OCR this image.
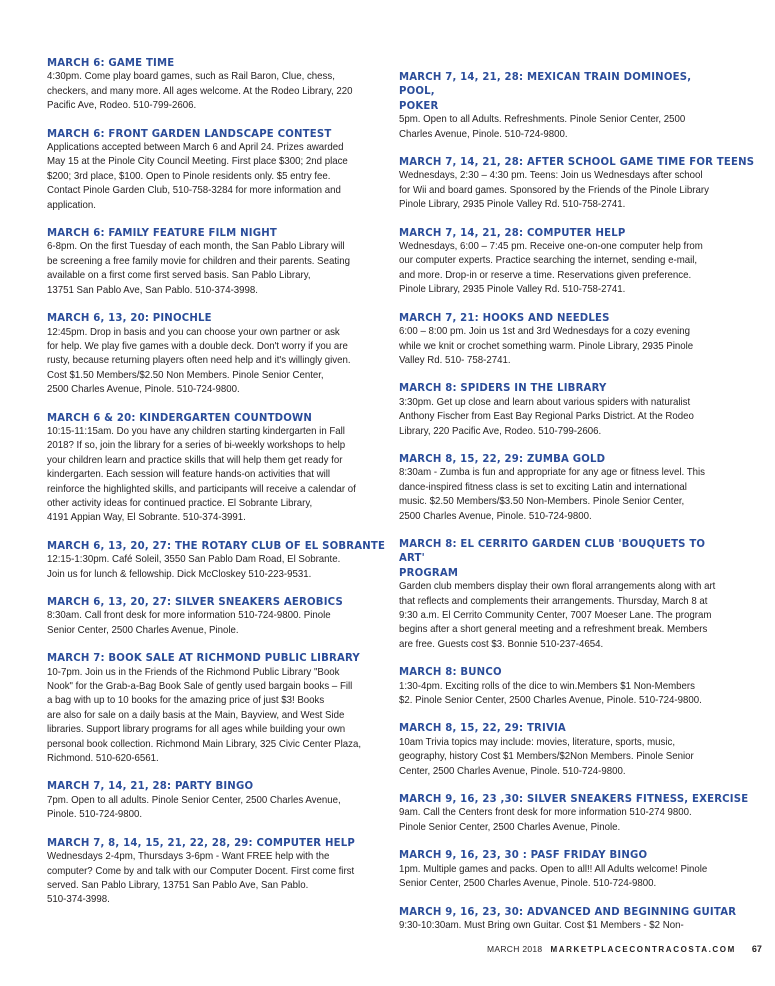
MARCH 6: GAME TIME
4:30pm. Come play board games, such as Rail Baron, Clue, chess,
checkers, and many more. All ages welcome. At the Rodeo Library, 220
Pacific Ave, Rodeo. 510-799-2606.
MARCH 6: FRONT GARDEN LANDSCAPE CONTEST
Applications accepted between March 6 and April 24. Prizes awarded
May 15 at the Pinole City Council Meeting. First place $300; 2nd place
$200; 3rd place, $100. Open to Pinole residents only. $5 entry fee.
Contact Pinole Garden Club, 510-758-3284 for more information and
application.
MARCH 6: FAMILY FEATURE FILM NIGHT
6-8pm. On the first Tuesday of each month, the San Pablo Library will
be screening a free family movie for children and their parents. Seating
available on a first come first served basis. San Pablo Library,
13751 San Pablo Ave, San Pablo. 510-374-3998.
MARCH 6, 13, 20: PINOCHLE
12:45pm. Drop in basis and you can choose your own partner or ask
for help. We play five games with a double deck. Don't worry if you are
rusty, because returning players often need help and it's willingly given.
Cost $1.50 Members/$2.50 Non Members. Pinole Senior Center,
2500 Charles Avenue, Pinole. 510-724-9800.
MARCH 6 & 20: KINDERGARTEN COUNTDOWN
10:15-11:15am. Do you have any children starting kindergarten in Fall
2018? If so, join the library for a series of bi-weekly workshops to help
your children learn and practice skills that will help them get ready for
kindergarten. Each session will feature hands-on activities that will
reinforce the highlighted skills, and participants will receive a calendar of
other activity ideas for continued practice. El Sobrante Library,
4191 Appian Way, El Sobrante. 510-374-3991.
MARCH 6, 13, 20, 27: THE ROTARY CLUB OF EL SOBRANTE
12:15-1:30pm. Café Soleil, 3550 San Pablo Dam Road, El Sobrante.
Join us for lunch & fellowship. Dick McCloskey 510-223-9531.
MARCH 6, 13, 20, 27: SILVER SNEAKERS AEROBICS
8:30am. Call front desk for more information 510-724-9800. Pinole
Senior Center, 2500 Charles Avenue, Pinole.
MARCH 7: BOOK SALE AT RICHMOND PUBLIC LIBRARY
10-7pm. Join us in the Friends of the Richmond Public Library "Book
Nook" for the Grab-a-Bag Book Sale of gently used bargain books – Fill
a bag with up to 10 books for the amazing price of just $3! Books
are also for sale on a daily basis at the Main, Bayview, and West Side
libraries. Support library programs for all ages while building your own
personal book collection. Richmond Main Library, 325 Civic Center Plaza,
Richmond. 510-620-6561.
MARCH 7, 14, 21, 28: PARTY BINGO
7pm. Open to all adults. Pinole Senior Center, 2500 Charles Avenue,
Pinole. 510-724-9800.
MARCH 7, 8, 14, 15, 21, 22, 28, 29: COMPUTER HELP
Wednesdays 2-4pm, Thursdays 3-6pm - Want FREE help with the
computer? Come by and talk with our Computer Docent. First come first
served. San Pablo Library, 13751 San Pablo Ave, San Pablo.
510-374-3998.
MARCH 7, 14, 21, 28: MEXICAN TRAIN DOMINOES, POOL,
POKER
5pm. Open to all Adults. Refreshments. Pinole Senior Center, 2500
Charles Avenue, Pinole. 510-724-9800.
MARCH 7, 14, 21, 28: AFTER SCHOOL GAME TIME FOR TEENS
Wednesdays, 2:30 – 4:30 pm. Teens: Join us Wednesdays after school
for Wii and board games. Sponsored by the Friends of the Pinole Library
Pinole Library, 2935 Pinole Valley Rd. 510-758-2741.
MARCH 7, 14, 21, 28: COMPUTER HELP
Wednesdays, 6:00 – 7:45 pm. Receive one-on-one computer help from
our computer experts. Practice searching the internet, sending e-mail,
and more. Drop-in or reserve a time. Reservations given preference.
Pinole Library, 2935 Pinole Valley Rd. 510-758-2741.
MARCH 7, 21: HOOKS AND NEEDLES
6:00 – 8:00 pm. Join us 1st and 3rd Wednesdays for a cozy evening
while we knit or crochet something warm. Pinole Library, 2935 Pinole
Valley Rd. 510- 758-2741.
MARCH 8: SPIDERS IN THE LIBRARY
3:30pm. Get up close and learn about various spiders with naturalist
Anthony Fischer from East Bay Regional Parks District. At the Rodeo
Library, 220 Pacific Ave, Rodeo. 510-799-2606.
MARCH 8, 15, 22, 29: ZUMBA GOLD
8:30am - Zumba is fun and appropriate for any age or fitness level. This
dance-inspired fitness class is set to exciting Latin and international
music. $2.50 Members/$3.50 Non-Members. Pinole Senior Center,
2500 Charles Avenue, Pinole. 510-724-9800.
MARCH 8: EL CERRITO GARDEN CLUB 'BOUQUETS TO ART'
PROGRAM
Garden club members display their own floral arrangements along with art
that reflects and complements their arrangements. Thursday, March 8 at
9:30 a.m. El Cerrito Community Center, 7007 Moeser Lane. The program
begins after a short general meeting and a refreshment break. Members
are free. Guests cost $3. Bonnie 510-237-4654.
MARCH 8: BUNCO
1:30-4pm. Exciting rolls of the dice to win.Members $1 Non-Members
$2. Pinole Senior Center, 2500 Charles Avenue, Pinole. 510-724-9800.
MARCH 8, 15, 22, 29: TRIVIA
10am Trivia topics may include: movies, literature, sports, music,
geography, history Cost $1 Members/$2Non Members. Pinole Senior
Center, 2500 Charles Avenue, Pinole. 510-724-9800.
MARCH 9, 16, 23 ,30: SILVER SNEAKERS FITNESS, EXERCISE
9am. Call the Centers front desk for more information 510-274 9800.
Pinole Senior Center, 2500 Charles Avenue, Pinole.
MARCH 9, 16, 23, 30 : PASF FRIDAY BINGO
1pm. Multiple games and packs. Open to all!! All Adults welcome! Pinole
Senior Center, 2500 Charles Avenue, Pinole. 510-724-9800.
MARCH 9, 16, 23, 30: ADVANCED AND BEGINNING GUITAR
9:30-10:30am. Must Bring own Guitar. Cost $1 Members - $2 Non-
MARCH 2018 MARKETPLACECONTRACOSTA.COM 67
